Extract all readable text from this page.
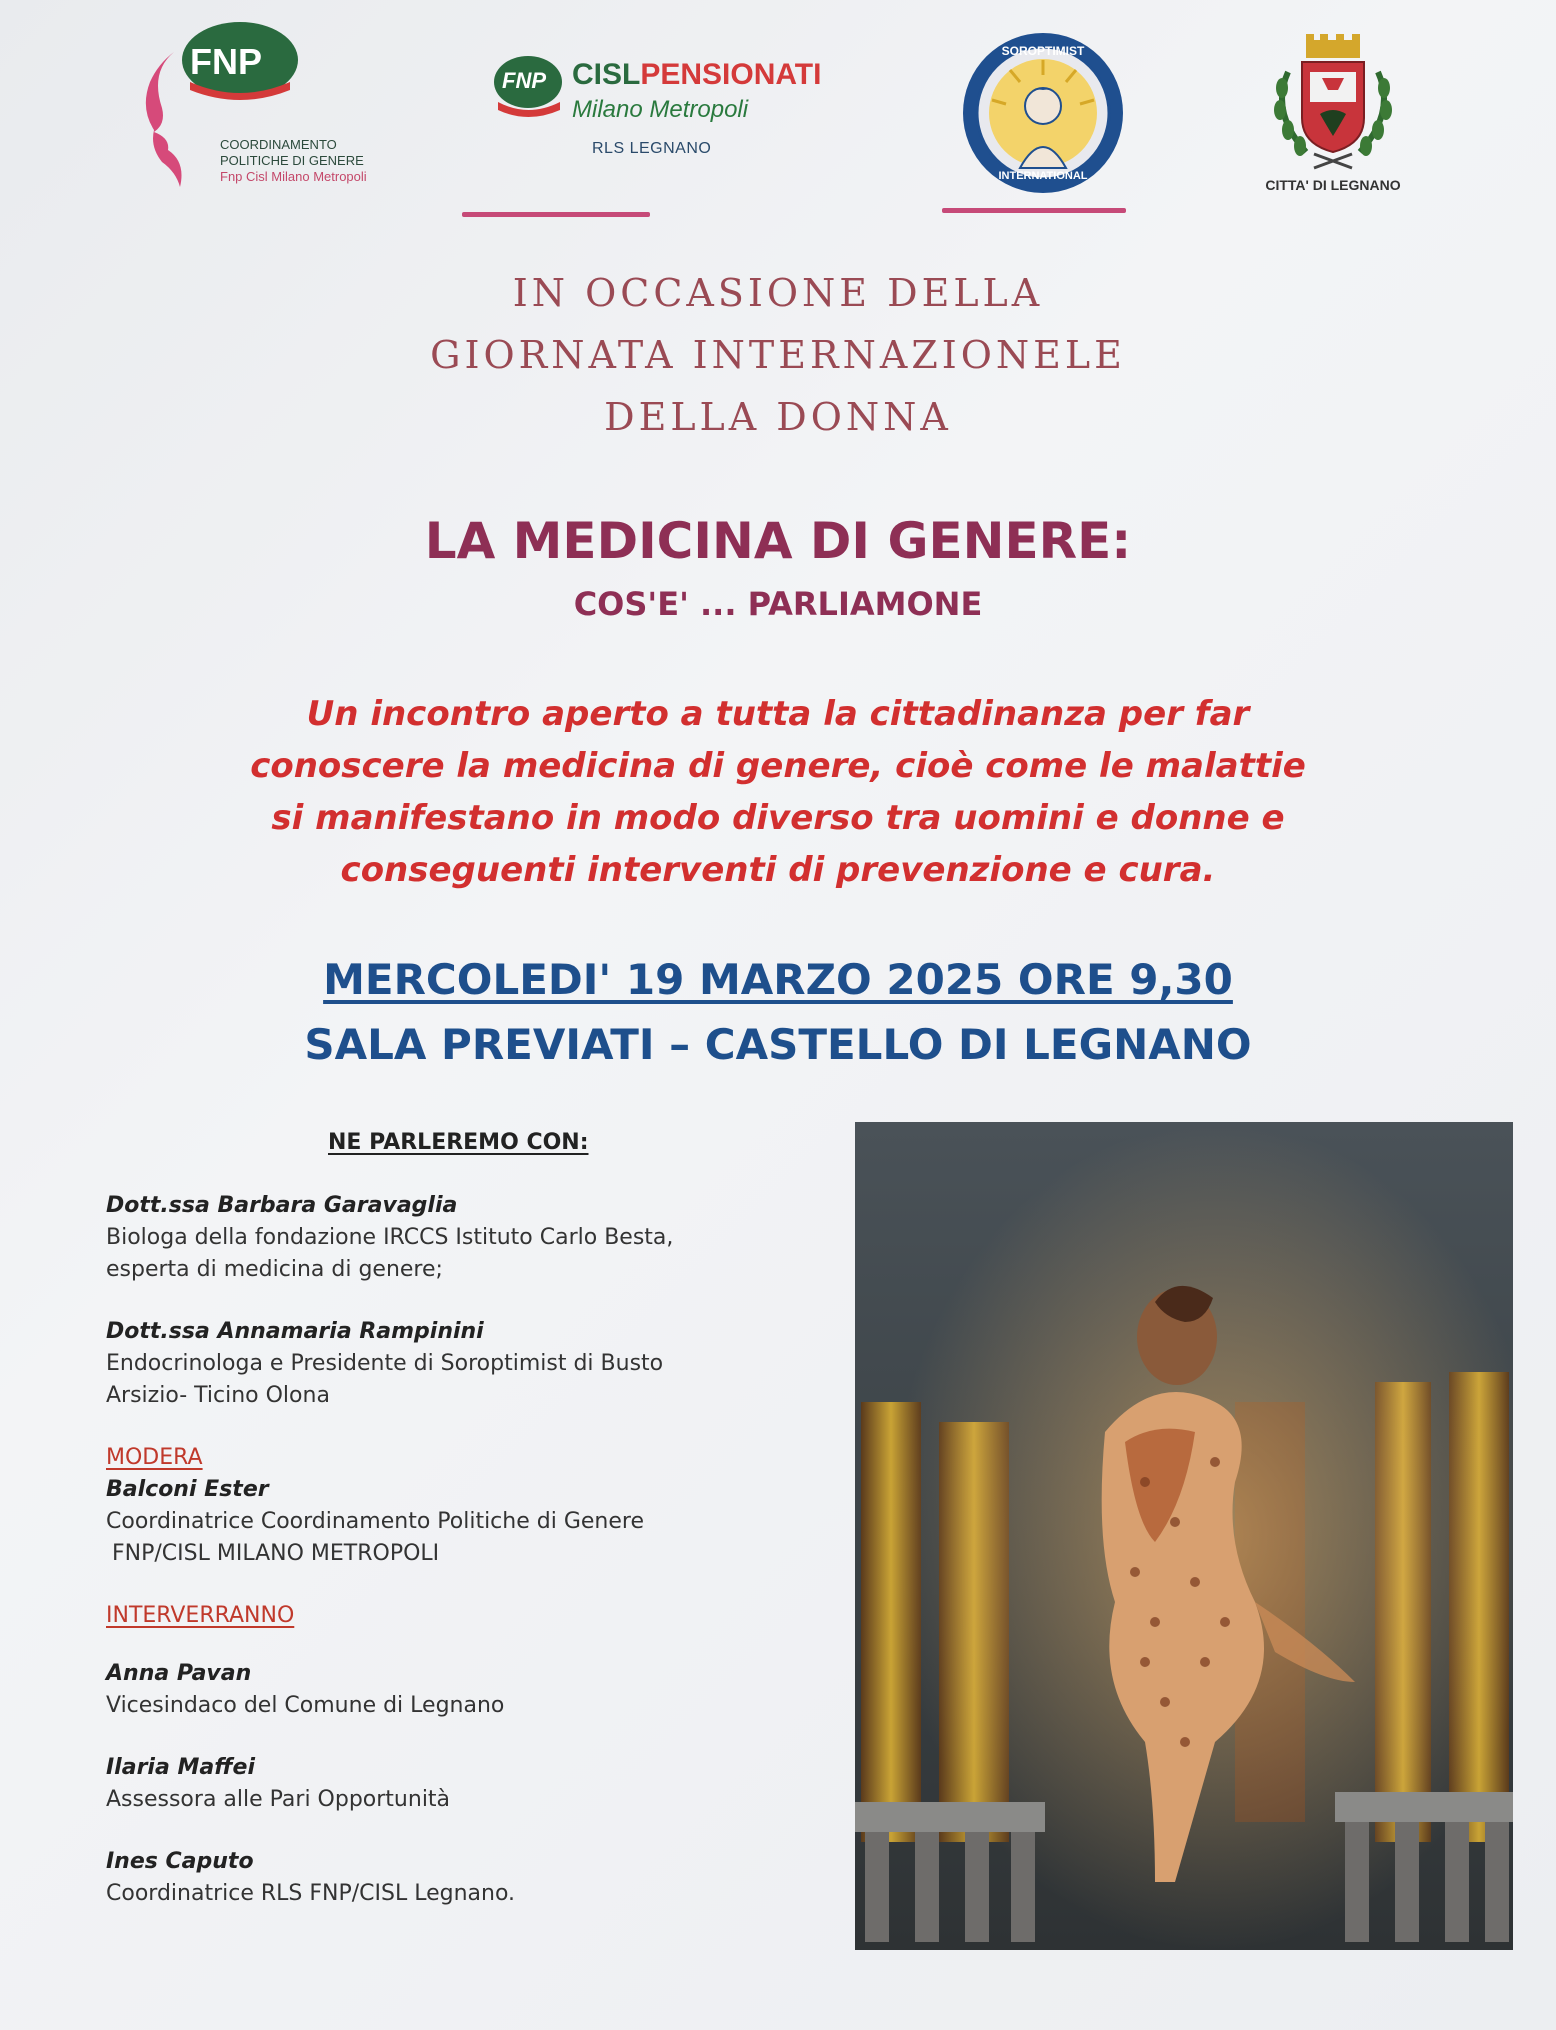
FNP
COORDINAMENTO
POLITICHE DI GENERE
Fnp Cisl Milano Metropoli
FNP CISLPENSIONATI
Milano Metropoli
RLS LEGNANO
SOROPTIMIST
INTERNATIONAL
CITTA' DI LEGNANO
IN OCCASIONE DELLA
GIORNATA INTERNAZIONELE
DELLA DONNA
LA MEDICINA DI GENERE:
COS'E' ... PARLIAMONE
Un incontro aperto a tutta la cittadinanza per far
conoscere la medicina di genere, cioè come le malattie
si manifestano in modo diverso tra uomini e donne e
conseguenti interventi di prevenzione e cura.
MERCOLEDI' 19 MARZO 2025 ORE 9,30
SALA PREVIATI – CASTELLO DI LEGNANO
NE PARLEREMO CON:
Dott.ssa Barbara Garavaglia
Biologa della fondazione IRCCS Istituto Carlo Besta,
esperta di medicina di genere;
Dott.ssa Annamaria Rampinini
Endocrinologa e Presidente di Soroptimist di Busto
Arsizio- Ticino Olona
MODERA
Balconi Ester
Coordinatrice Coordinamento Politiche di Genere
FNP/CISL MILANO METROPOLI
INTERVERRANNO
Anna Pavan
Vicesindaco del Comune di Legnano
Ilaria Maffei
Assessora alle Pari Opportunità
Ines Caputo
Coordinatrice RLS FNP/CISL Legnano.
